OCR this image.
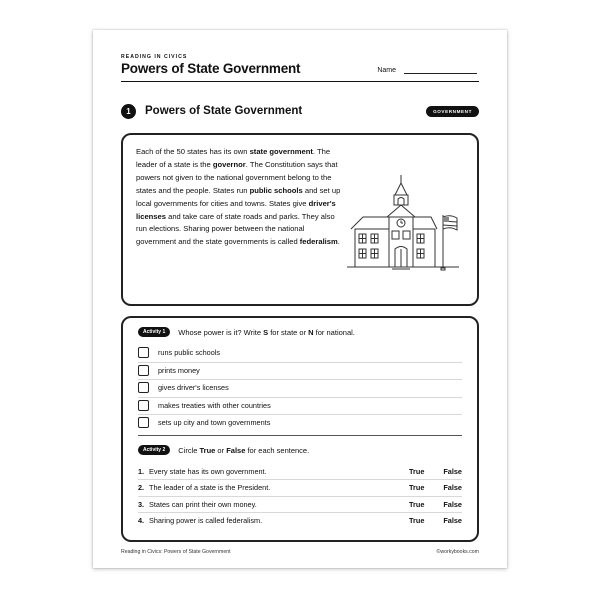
READING IN CIVICS
Powers of State Government	Name
1	Powers of State Government	GOVERNMENT
Each of the 50 states has its own state government. The leader of a state is the governor. The Constitution says that powers not given to the national government belong to the states and the people. States run public schools and set up local governments for cities and towns. States give driver's licenses and take care of state roads and parks. They also run elections. Sharing power between the national government and the state governments is called federalism.
Activity 1	Whose power is it? Write S for state or N for national.
runs public schools
prints money
gives driver's licenses
makes treaties with other countries
sets up city and town governments
Activity 2	Circle True or False for each sentence.
1. Every state has its own government.	True	False
2. The leader of a state is the President.	True	False
3. States can print their own money.	True	False
4. Sharing power is called federalism.	True	False
Reading in Civics: Powers of State Government	©workybooks.com
